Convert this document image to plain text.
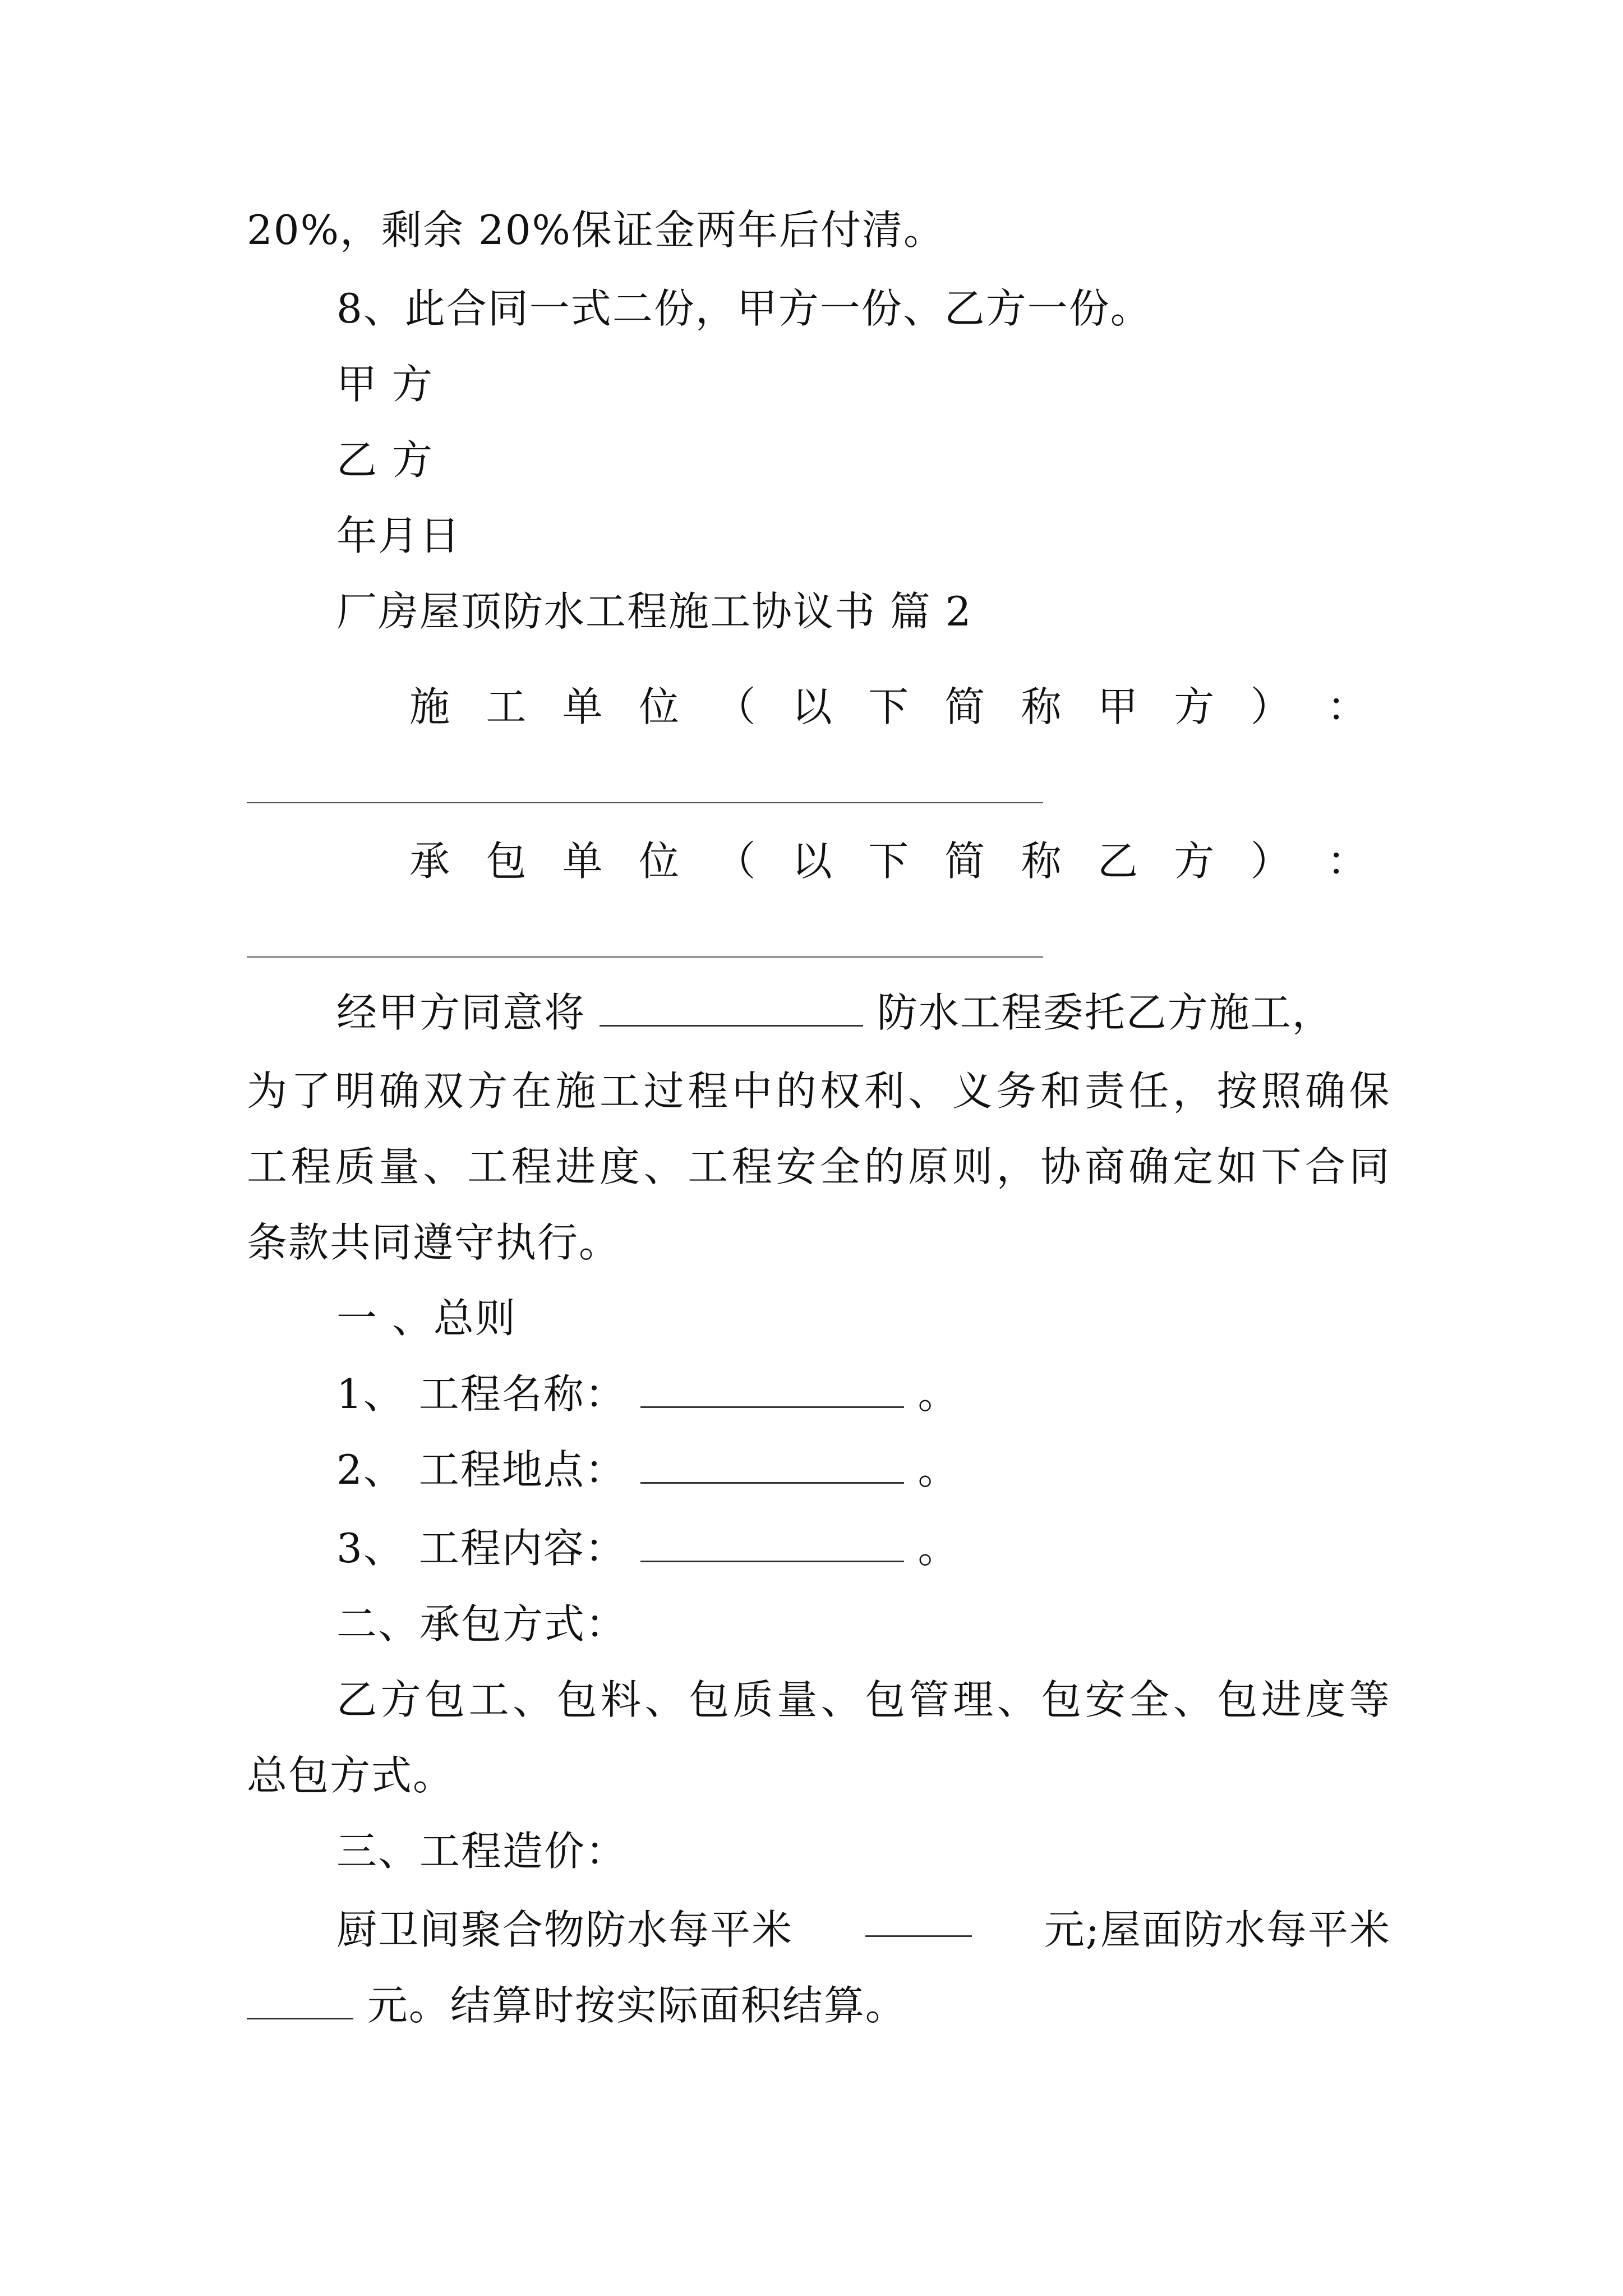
20%，剩余 20%保证金两年后付清。
8、此合同一式二份，甲方一份、乙方一份。
甲 方
乙 方
年月日
厂房屋顶防水工程施工协议书 篇 2
施 工 单 位 （ 以 下 简 称 甲 方 ） ：
承 包 单 位 （ 以 下 简 称 乙 方 ） ：
经甲方同意将	防水工程委托乙方施工，
为 了 明 确 双 方 在 施 工 过 程 中 的 权 利 、 义 务 和 责 任 ， 按 照 确 保
工 程 质 量 、 工 程 进 度 、 工 程 安 全 的 原 则 ， 协 商 确 定 如 下 合 同
条款共同遵守执行。
一 、总则
1、 工程名称：	。
2、 工程地点：	。
3、 工程内容：	。
二、承包方式：
乙 方 包 工 、 包 料 、 包 质 量 、 包 管 理 、 包 安 全 、 包 进 度 等
总包方式。
三、工程造价：
厨卫间聚合物防水每平米	元;屋面防水每平米
元。结算时按实际面积结算。
